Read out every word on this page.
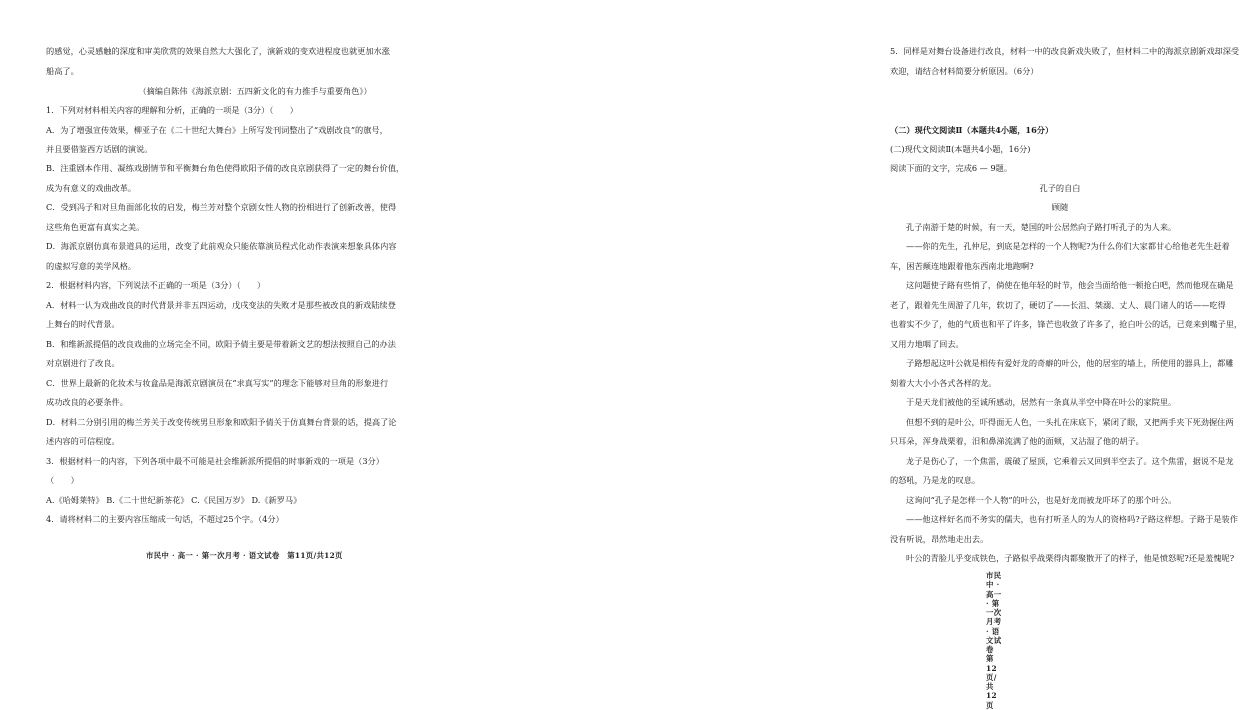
的感觉，心灵感触的深度和审美欣赏的效果自然大大强化了，演新戏的变欢进程度也就更加水涨
船高了。
（摘编自陈伟《海派京剧：五四新文化的有力推手与重要角色》）
1．下列对材料相关内容的理解和分析，正确的一项是（3分）（　　）
A．为了增强宣传效果，柳亚子在《二十世纪大舞台》上所写发刊词整出了“戏剧改良”的旗号，
并且要借鉴西方话剧的演说。
B．注重剧本作用、凝练戏剧情节和平衡舞台角色使得欧阳予倩的改良京剧获得了一定的舞台价值，
成为有意义的戏曲改革。
C．受到冯子和对旦角面部化妆的启发，梅兰芳对整个京剧女性人物的扮相进行了创新改善，使得
这些角色更富有真实之美。
D．海派京剧仿真布景道具的运用，改变了此前观众只能依靠演员程式化动作表演来想象具体内容
的虚拟写意的美学风格。
2．根据材料内容，下列说法不正确的一项是（3分）（　　）
A．材料一认为戏曲改良的时代背景并非五四运动，戊戌变法的失败才是那些被改良的新戏陆续登
上舞台的时代背景。
B．和维新派提倡的改良戏曲的立场完全不同，欧阳予倩主要是带着新文艺的想法按照自己的办法
对京剧进行了改良。
C．世界上最新的化妆术与妆盒品是海派京剧演员在“求真写实”的理念下能够对旦角的形象进行
成功改良的必要条件。
D．材料二分别引用的梅兰芳关于改变传统男旦形象和欧阳予倩关于仿真舞台背景的话，提高了论
述内容的可信程度。
3．根据材料一的内容，下列各项中最不可能是社会维新派所提倡的时事新戏的一项是（3分）
（　　）
A.《哈姆莱特》 B.《二十世纪新茶花》 C.《民国万岁》 D.《新罗马》
4．请将材料二的主要内容压缩成一句话，不超过25个字。（4分）
市民中 · 高一 · 第一次月考 · 语文试卷　第11页/共12页
5．同样是对舞台设备进行改良，材料一中的改良新戏失败了，但材料二中的海派京剧新戏却深受
欢迎，请结合材料简要分析原因。（6分）
（二）现代文阅读Ⅱ（本题共4小题，16分）
(二)现代文阅读Ⅱ(本题共4小题，16分)
阅读下面的文字，完成6 — 9题。
孔子的自白
顾随
孔子南游于楚的时候，有一天，楚国的叶公居然向子路打听孔子的为人来。
——你的先生，孔仲尼，到底是怎样的一个人物呢?为什么你们大家都甘心给他老先生赶着
车，困苦颠连地跟着他东西南北地跑啊?
这问题使子路有些悄了，倘使在他年轻的时节，他会当面给他一顿抢白吧，然而他现在确是
老了，跟着先生周游了几年，软切了，硬切了——长沮、桀溺、丈人、晨门诸人的话——吃得
也着实不少了，他的气质也和平了许多，锋芒也收敛了许多了，抢白叶公的话，已竟来到嘴子里，
又用力地咽了回去。
子路想起这叶公就是相传有爱好龙的奇癖的叶公，他的居室的墙上，所使用的器具上，都雕
刻着大大小小各式各样的龙。
于是天龙们被他的至诚所感动，居然有一条真从半空中降在叶公的家院里。
但想不到的是叶公，吓得面无人色，一头扎在床底下，紧闭了眼，又把两手夹下死劲握住两
只耳朵，浑身战栗着，汨和鼻涕流满了他的面颊，又沾湿了他的胡子。
龙子是伤心了，一个焦雷，震破了屋顶，它乘着云又回到半空去了。这个焦雷，据说不是龙
的怒吼，乃是龙的叹息。
这询问“孔子是怎样一个人物”的叶公，也是好龙而被龙吓坏了的那个叶公。
——他这样好名而不务实的儒夫，也有打听圣人的为人的资格吗?子路这样想。子路于是装作
没有听说，昂然地走出去。
叶公的青脸儿乎变成铁色，子路似乎战栗得肉都聚散开了的样子，他是愤怒呢?还是羞愧呢?
市民中 · 高一 · 第一次月考 · 语文试卷　第12页/共12页
